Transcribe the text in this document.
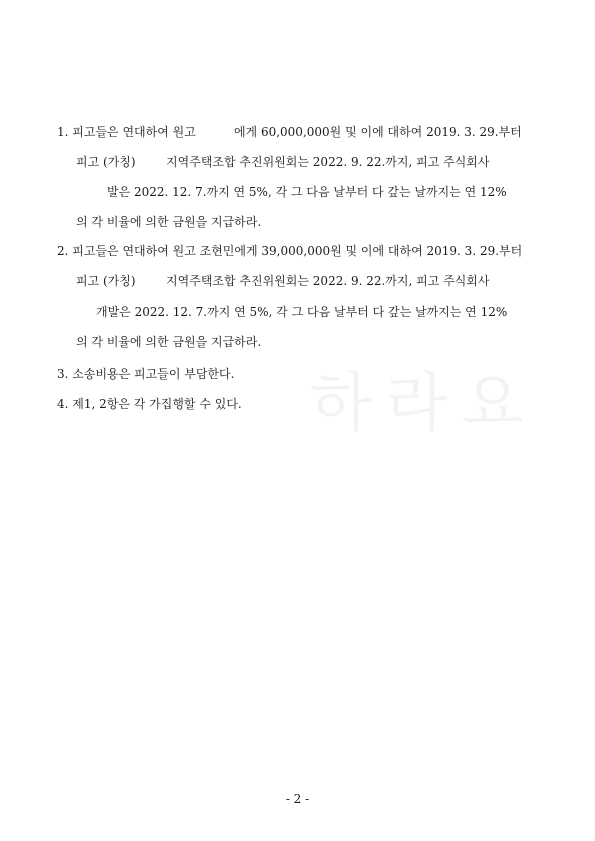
하라요
1. 피고들은 연대하여 원고          에게 60,000,000원 및 이에 대하여 2019. 3. 29.부터
피고 (가칭)        지역주택조합 추진위원회는 2022. 9. 22.까지, 피고 주식회사
발은 2022. 12. 7.까지 연 5%, 각 그 다음 날부터 다 갚는 날까지는 연 12%
의 각 비율에 의한 금원을 지급하라.
2. 피고들은 연대하여 원고 조현민에게 39,000,000원 및 이에 대하여 2019. 3. 29.부터
피고 (가칭)        지역주택조합 추진위원회는 2022. 9. 22.까지, 피고 주식회사
개발은 2022. 12. 7.까지 연 5%, 각 그 다음 날부터 다 갚는 날까지는 연 12%
의 각 비율에 의한 금원을 지급하라.
3. 소송비용은 피고들이 부담한다.
4. 제1, 2항은 각 가집행할 수 있다.
- 2 -
